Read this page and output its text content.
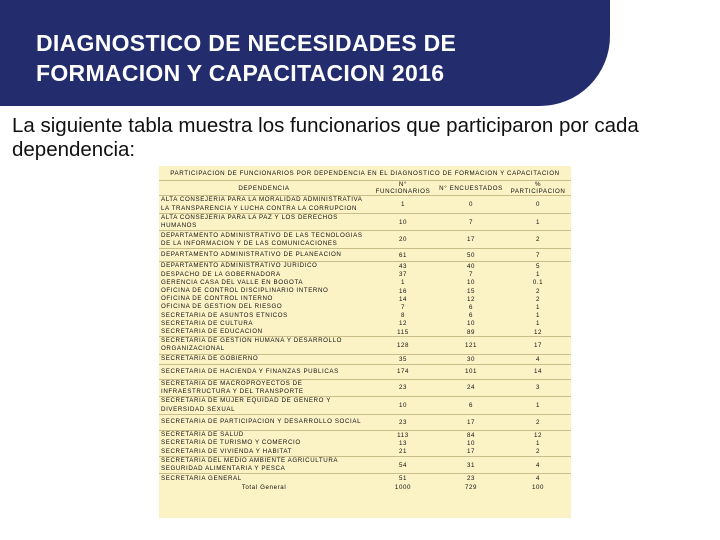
DIAGNOSTICO DE NECESIDADES DE
FORMACION Y CAPACITACION 2016
La siguiente tabla muestra los funcionarios que participaron por cada dependencia:
PARTICIPACION DE FUNCIONARIOS POR DEPENDENCIA EN EL DIAGNOSTICO DE FORMACION Y CAPACITACION			
DEPENDENCIA	N° FUNCIONARIOS	N° ENCUESTADOS	% PARTICIPACION
ALTA CONSEJERIA PARA LA MORALIDAD ADMINISTRATIVA LA TRANSPARENCIA Y LUCHA CONTRA LA CORRUPCION	1	0	0
ALTA CONSEJERIA PARA LA PAZ Y LOS DERECHOS HUMANOS	10	7	1
DEPARTAMENTO ADMINISTRATIVO DE LAS TECNOLOGIAS DE LA INFORMACION Y DE LAS COMUNICACIONES	20	17	2
DEPARTAMENTO ADMINISTRATIVO DE PLANEACION	61	50	7
DEPARTAMENTO ADMINISTRATIVO JURIDICO	43	40	5
DESPACHO DE LA GOBERNADORA	37	7	1
GERENCIA CASA DEL VALLE EN BOGOTA	1	10	0.1
OFICINA DE CONTROL DISCIPLINARIO INTERNO	16	15	2
OFICINA DE CONTROL INTERNO	14	12	2
OFICINA DE GESTION DEL RIESGO	7	6	1
SECRETARIA DE ASUNTOS ETNICOS	8	6	1
SECRETARIA DE CULTURA	12	10	1
SECRETARIA DE EDUCACION	115	89	12
SECRETARIA DE GESTION HUMANA Y DESARROLLO ORGANIZACIONAL	128	121	17
SECRETARIA DE GOBIERNO	35	30	4
SECRETARIA DE HACIENDA Y FINANZAS PUBLICAS	174	101	14
SECRETARIA DE MACROPROYECTOS DE INFRAESTRUCTURA Y DEL TRANSPORTE	23	24	3
SECRETARIA DE MUJER EQUIDAD DE GENERO Y DIVERSIDAD SEXUAL	10	6	1
SECRETARIA DE PARTICIPACION Y DESARROLLO SOCIAL	23	17	2
SECRETARIA DE SALUD	113	84	12
SECRETARIA DE TURISMO Y COMERCIO	13	10	1
SECRETARIA DE VIVIENDA Y HABITAT	21	17	2
SECRETARIA DEL MEDIO AMBIENTE AGRICULTURA SEGURIDAD ALIMENTARIA Y PESCA	54	31	4
SECRETARIA GENERAL	51	23	4
Total General	1000	729	100
